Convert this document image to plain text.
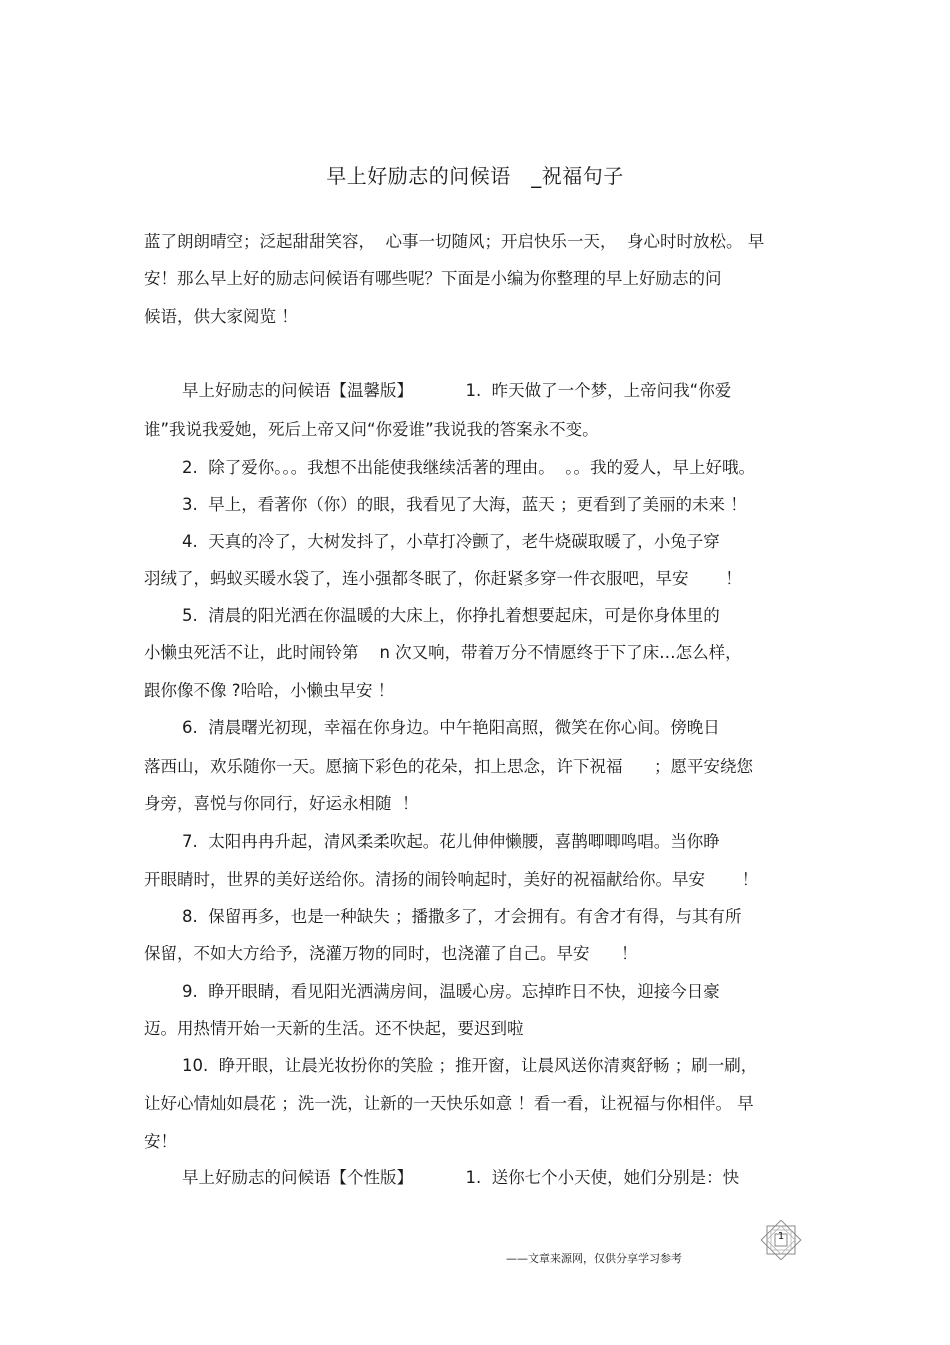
早上好励志的问候语   _祝福句子
蓝了朗朗晴空；泛起甜甜笑容，  心事一切随风；开启快乐一天，  身心时时放松。 早
安！那么早上好的励志问候语有哪些呢？下面是小编为你整理的早上好励志的问
候语，供大家阅览 ！
早上好励志的问候语【温馨版】          1.  昨天做了一个梦，上帝问我“你爱
谁”我说我爱她，死后上帝又问“你爱谁”我说我的答案永不变。
2.  除了爱你。。。我想不出能使我继续活著的理由。  。。我的爱人，早上好哦。
3.  早上，看著你（你）的眼，我看见了大海，蓝天 ；更看到了美丽的未来 ！
4.  天真的冷了，大树发抖了，小草打冷颤了，老牛烧碳取暖了，小兔子穿
羽绒了，蚂蚁买暖水袋了，连小强都冬眠了，你赶紧多穿一件衣服吧，早安       ！
5.  清晨的阳光洒在你温暖的大床上，你挣扎着想要起床，可是你身体里的
小懒虫死活不让，此时闹铃第    n 次又响，带着万分不情愿终于下了床…怎么样，
跟你像不像 ?哈哈，小懒虫早安 ！
6.  清晨曙光初现，幸福在你身边。中午艳阳高照，微笑在你心间。傍晚日
落西山，欢乐随你一天。愿摘下彩色的花朵，扣上思念，许下祝福      ；愿平安绕您
身旁，喜悦与你同行，好运永相随  ！
7.  太阳冉冉升起，清风柔柔吹起。花儿伸伸懒腰，喜鹊唧唧鸣唱。当你睁
开眼睛时，世界的美好送给你。清扬的闹铃响起时，美好的祝福献给你。早安       ！
8.  保留再多，也是一种缺失 ；播撒多了，才会拥有。有舍才有得，与其有所
保留，不如大方给予，浇灌万物的同时，也浇灌了自己。早安      ！
9.  睁开眼睛，看见阳光洒满房间，温暖心房。忘掉昨日不快，迎接今日豪
迈。用热情开始一天新的生活。还不快起，要迟到啦
10.  睁开眼，让晨光妆扮你的笑脸 ；推开窗，让晨风送你清爽舒畅 ；刷一刷，
让好心情灿如晨花 ；洗一洗，让新的一天快乐如意 ！看一看，让祝福与你相伴。 早
安！
早上好励志的问候语【个性版】          1.  送你七个小天使，她们分别是：快
1
——文章来源网，仅供分享学习参考
